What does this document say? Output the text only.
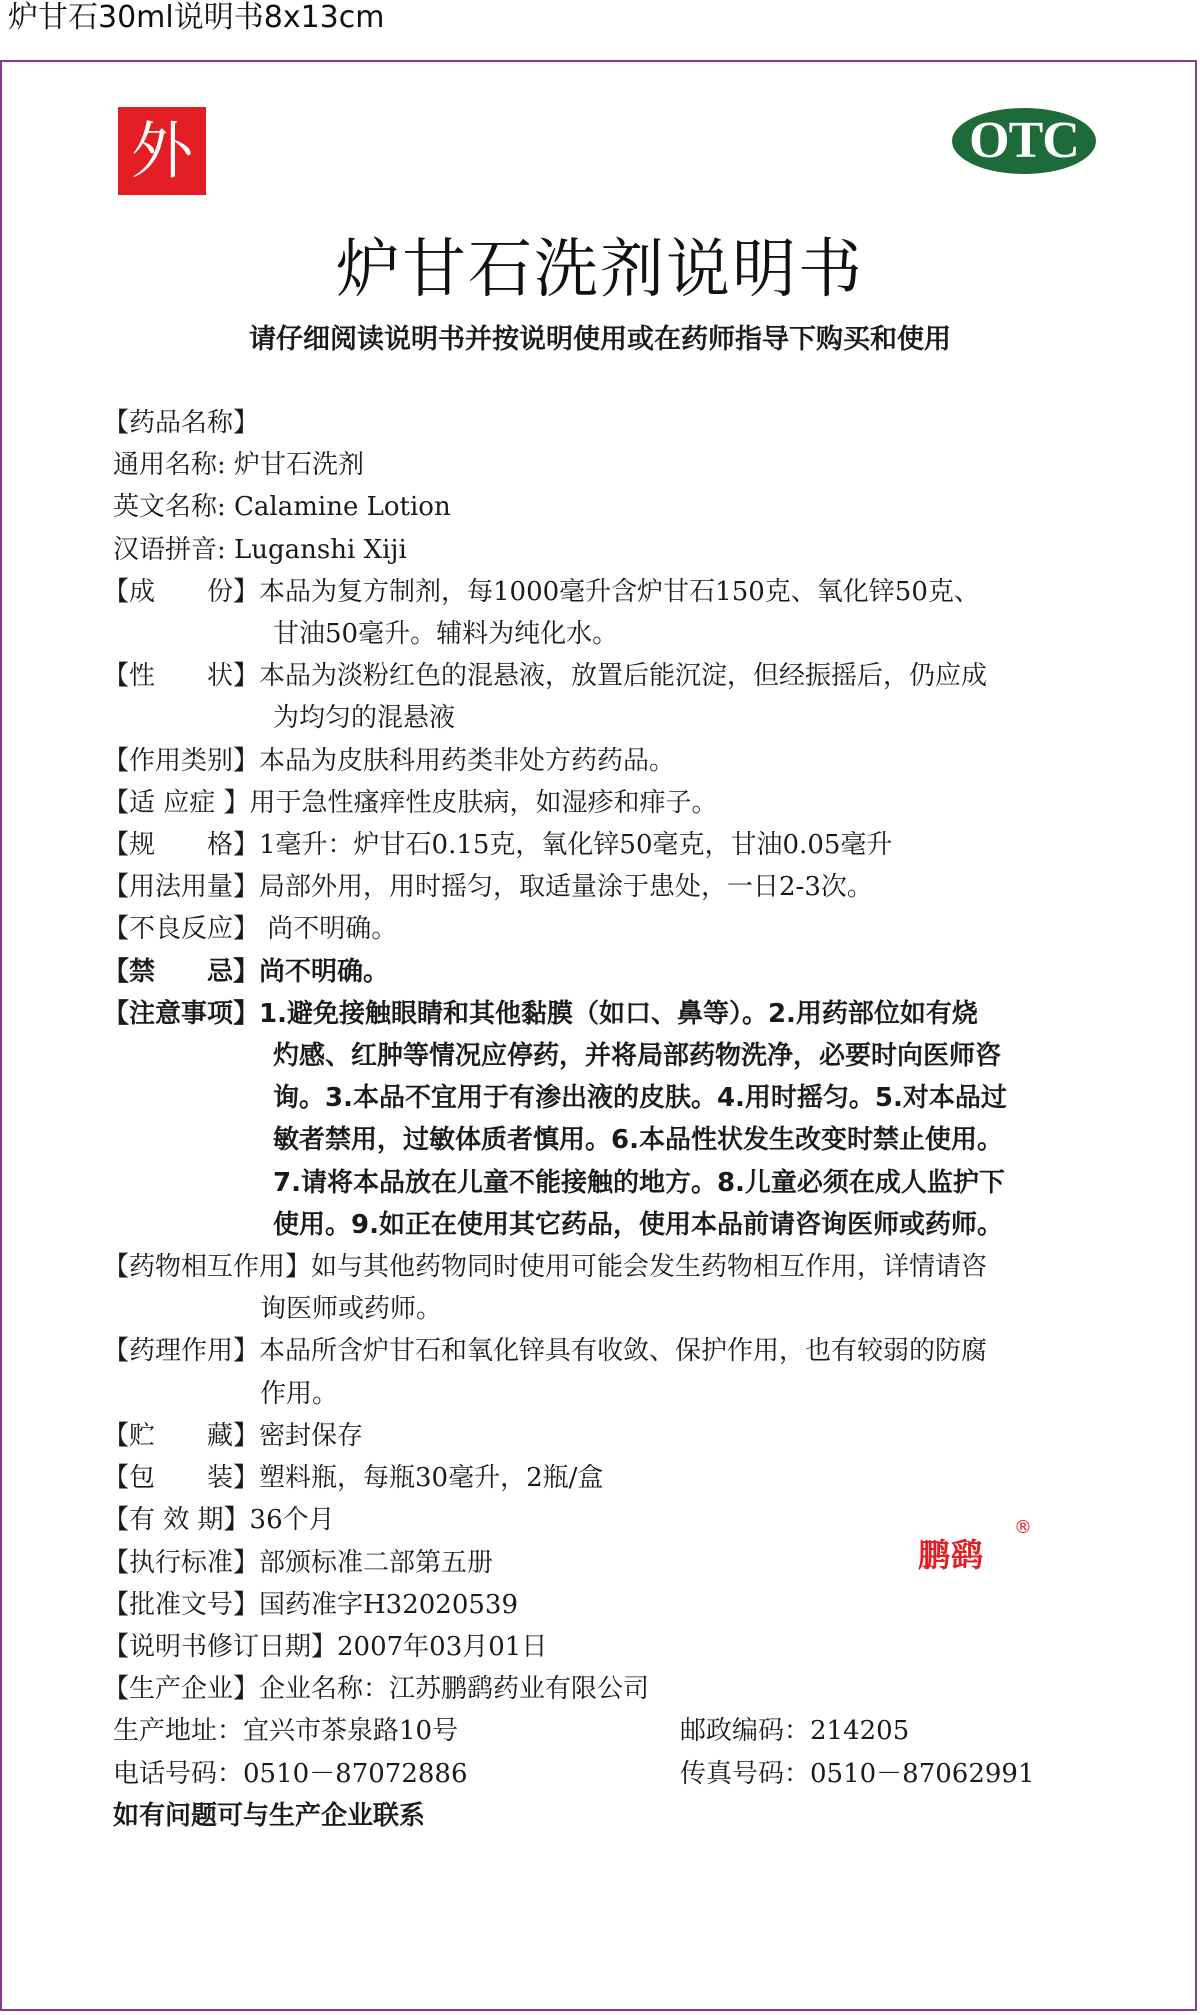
炉甘石30ml说明书8x13cm
外	OTC
炉甘石洗剂说明书
请仔细阅读说明书并按说明使用或在药师指导下购买和使用
【药品名称】
通用名称: 炉甘石洗剂
英文名称: Calamine Lotion
汉语拼音: Luganshi Xiji
【成　　份】本品为复方制剂，每1000毫升含炉甘石150克、氧化锌50克、
甘油50毫升。辅料为纯化水。
【性　　状】本品为淡粉红色的混悬液，放置后能沉淀，但经振摇后，仍应成
为均匀的混悬液
【作用类别】本品为皮肤科用药类非处方药药品。
【适 应症 】用于急性瘙痒性皮肤病，如湿疹和痱子。
【规　　格】1毫升：炉甘石0.15克，氧化锌50毫克，甘油0.05毫升
【用法用量】局部外用，用时摇匀，取适量涂于患处，一日2-3次。
【不良反应】 尚不明确。
【禁　　忌】尚不明确。
【注意事项】1.避免接触眼睛和其他黏膜（如口、鼻等）。2.用药部位如有烧
灼感、红肿等情况应停药，并将局部药物洗净，必要时向医师咨
询。3.本品不宜用于有渗出液的皮肤。4.用时摇匀。5.对本品过
敏者禁用，过敏体质者慎用。6.本品性状发生改变时禁止使用。
7.请将本品放在儿童不能接触的地方。8.儿童必须在成人监护下
使用。9.如正在使用其它药品，使用本品前请咨询医师或药师。
【药物相互作用】如与其他药物同时使用可能会发生药物相互作用，详情请咨
询医师或药师。
【药理作用】本品所含炉甘石和氧化锌具有收敛、保护作用，也有较弱的防腐
作用。
【贮　　藏】密封保存
【包　　装】塑料瓶，每瓶30毫升，2瓶/盒
【有 效 期】36个月
【执行标准】部颁标准二部第五册
【批准文号】国药准字H32020539
【说明书修订日期】2007年03月01日
【生产企业】企业名称：江苏鹏鹞药业有限公司
生产地址：宜兴市茶泉路10号	邮政编码：214205
电话号码：0510－87072886	传真号码：0510－87062991
如有问题可与生产企业联系
鹏鹞
®
